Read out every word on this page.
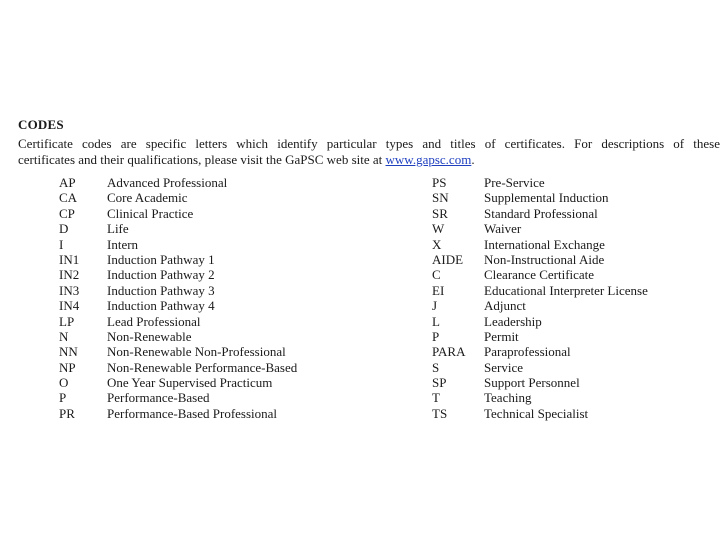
CODES
Certificate codes are specific letters which identify particular types and titles of certificates. For descriptions of these
certificates and their qualifications, please visit the GaPSC web site at www.gapsc.com.
AP Advanced Professional
CA Core Academic
CP Clinical Practice
D	Life
I	Intern
IN1 Induction Pathway 1
IN2 Induction Pathway 2
IN3 Induction Pathway 3
IN4 Induction Pathway 4
LP	Lead Professional
N	Non-Renewable
NN Non-Renewable Non-Professional
NP Non-Renewable Performance-Based
O	One Year Supervised Practicum
P	Performance-Based
PR Performance-Based Professional
PS	Pre-Service
SN	Supplemental Induction
SR	Standard Professional
W	Waiver
X	International Exchange
AIDE Non-Instructional Aide
C	Clearance Certificate
EI	Educational Interpreter License
J	Adjunct
L	Leadership
P	Permit
PARA Paraprofessional
S	Service
SP	Support Personnel
T	Teaching
TS	Technical Specialist
